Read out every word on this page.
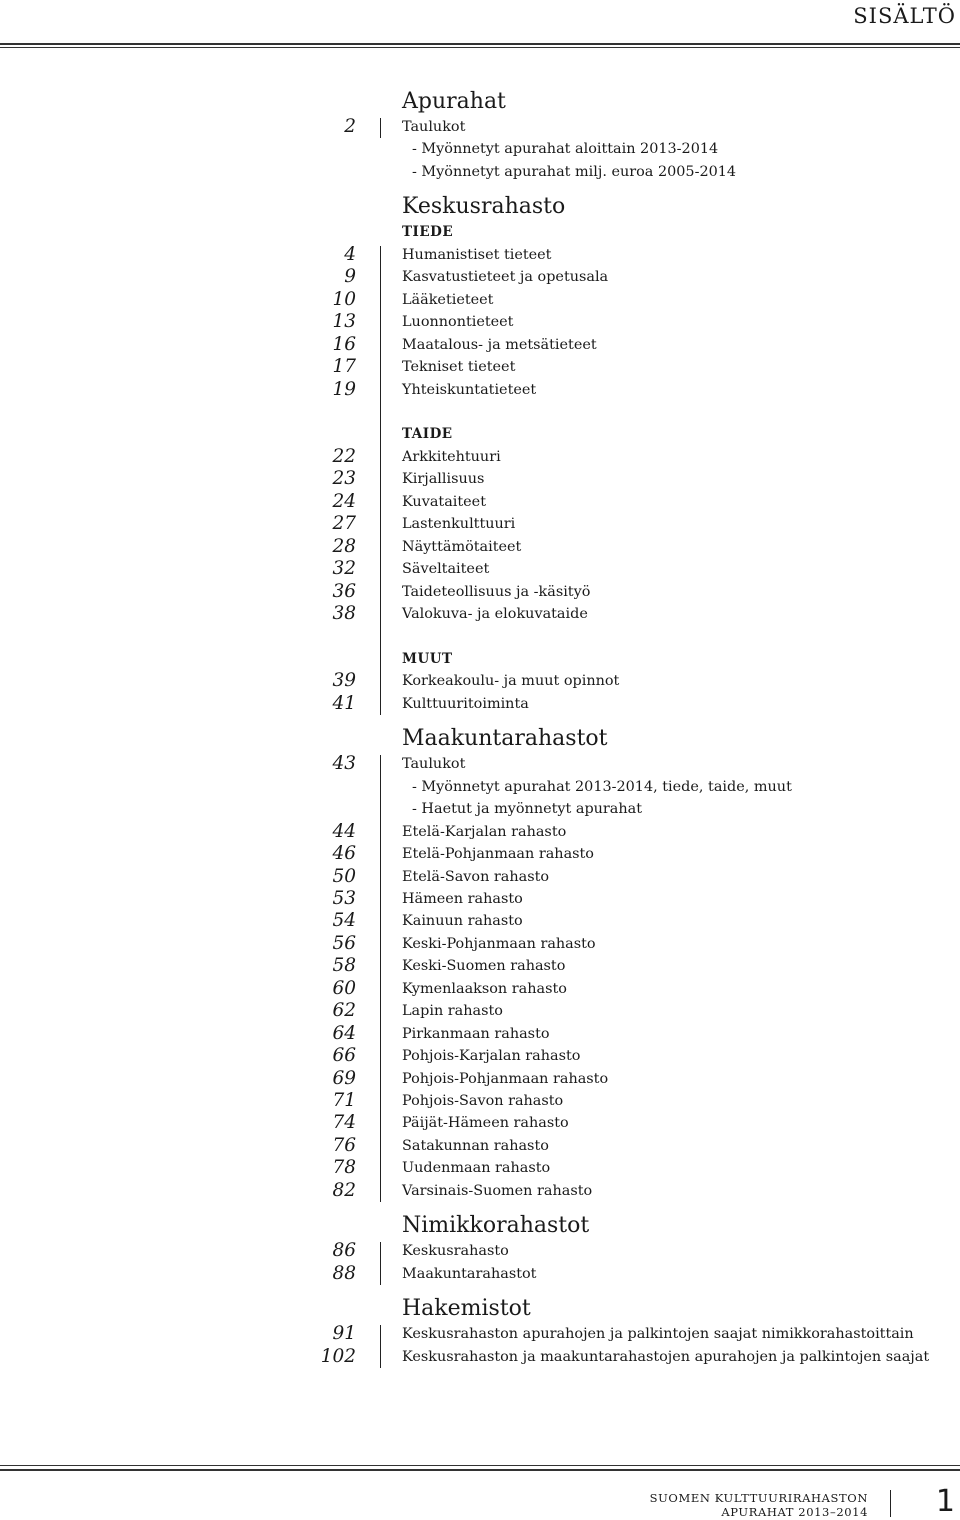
SISÄLTÖ
Apurahat
2	Taulukot
- Myönnetyt apurahat aloittain 2013-2014
- Myönnetyt apurahat milj. euroa 2005-2014
Keskusrahasto
TIEDE
4	Humanistiset tieteet
9	Kasvatustieteet ja opetusala
10	Lääketieteet
13	Luonnontieteet
16	Maatalous- ja metsätieteet
17	Tekniset tieteet
19	Yhteiskuntatieteet
TAIDE
22	Arkkitehtuuri
23	Kirjallisuus
24	Kuvataiteet
27	Lastenkulttuuri
28	Näyttämötaiteet
32	Säveltaiteet
36	Taideteollisuus ja -käsityö
38	Valokuva- ja elokuvataide
MUUT
39	Korkeakoulu- ja muut opinnot
41	Kulttuuritoiminta
Maakuntarahastot
43	Taulukot
- Myönnetyt apurahat 2013-2014, tiede, taide, muut
- Haetut ja myönnetyt apurahat
44	Etelä-Karjalan rahasto
46	Etelä-Pohjanmaan rahasto
50	Etelä-Savon rahasto
53	Hämeen rahasto
54	Kainuun rahasto
56	Keski-Pohjanmaan rahasto
58	Keski-Suomen rahasto
60	Kymenlaakson rahasto
62	Lapin rahasto
64	Pirkanmaan rahasto
66	Pohjois-Karjalan rahasto
69	Pohjois-Pohjanmaan rahasto
71	Pohjois-Savon rahasto
74	Päijät-Hämeen rahasto
76	Satakunnan rahasto
78	Uudenmaan rahasto
82	Varsinais-Suomen rahasto
Nimikkorahastot
86	Keskusrahasto
88	Maakuntarahastot
Hakemistot
91	Keskusrahaston apurahojen ja palkintojen saajat nimikkorahastoittain
102	Keskusrahaston ja maakuntarahastojen apurahojen ja palkintojen saajat
SUOMEN KULTTUURIRAHASTON
APURAHAT 2013–2014 1
